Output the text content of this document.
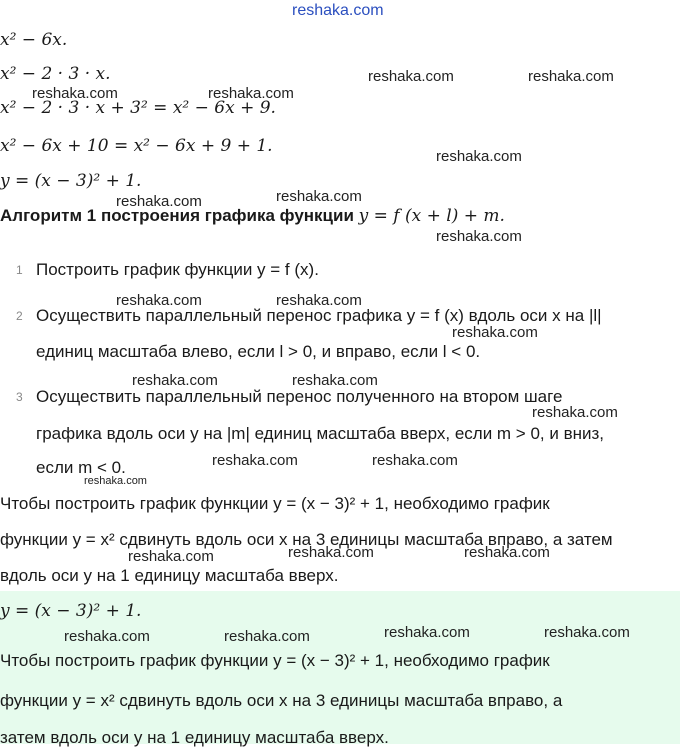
reshaka.com
reshaka.com	reshaka.com
reshaka.com	reshaka.com
reshaka.com
reshaka.com	reshaka.com
reshaka.com
reshaka.com	reshaka.com
reshaka.com
reshaka.com	reshaka.com
reshaka.com
reshaka.com	reshaka.com
reshaka.com
reshaka.com	reshaka.com
reshaka.com
reshaka.com	reshaka.com	reshaka.com	reshaka.com
x² − 6x.
x² − 2 · 3 · x.
x² − 2 · 3 · x + 3² = x² − 6x + 9.
x² − 6x + 10 = x² − 6x + 9 + 1.
y = (x − 3)² + 1.
Алгоритм 1 построения графика функции y = f (x + l) + m.
1 Построить график функции y = f (x).
2 Осуществить параллельный перенос графика y = f (x) вдоль оси x на |l|
единиц масштаба влево, если l > 0, и вправо, если l < 0.
3 Осуществить параллельный перенос полученного на втором шаге
графика вдоль оси y на |m| единиц масштаба вверх, если m > 0, и вниз,
если m < 0.
Чтобы построить график функции y = (x − 3)² + 1, необходимо график
функции y = x² сдвинуть вдоль оси x на 3 единицы масштаба вправо, а затем
вдоль оси y на 1 единицу масштаба вверх.
y = (x − 3)² + 1.
Чтобы построить график функции y = (x − 3)² + 1, необходимо график
функции y = x² сдвинуть вдоль оси x на 3 единицы масштаба вправо, а
затем вдоль оси y на 1 единицу масштаба вверх.
